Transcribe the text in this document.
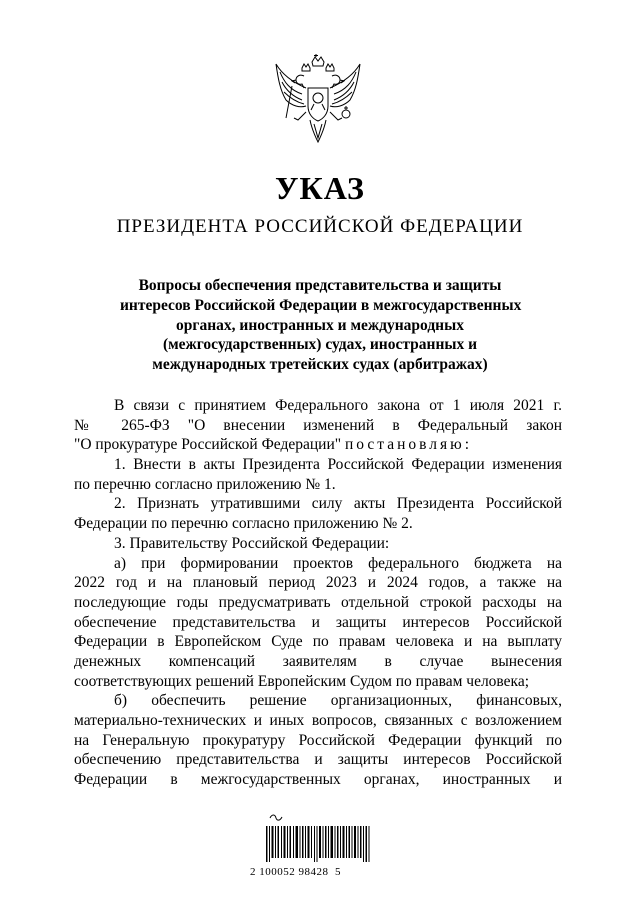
УКАЗ
ПРЕЗИДЕНТА РОССИЙСКОЙ ФЕДЕРАЦИИ
Вопросы обеспечения представительства и защиты
интересов Российской Федерации в межгосударственных
органах, иностранных и международных
(межгосударственных) судах, иностранных и
международных третейских судах (арбитражах)
В связи с принятием Федерального закона от 1 июля 2021 г.
№ 265-ФЗ "О внесении изменений в Федеральный закон
"О прокуратуре Российской Федерации" постановляю:
1. Внести в акты Президента Российской Федерации изменения
по перечню согласно приложению № 1.
2. Признать утратившими силу акты Президента Российской
Федерации по перечню согласно приложению № 2.
3. Правительству Российской Федерации:
а) при формировании проектов федерального бюджета на
2022 год и на плановый период 2023 и 2024 годов, а также на
последующие годы предусматривать отдельной строкой расходы на
обеспечение представительства и защиты интересов Российской
Федерации в Европейском Суде по правам человека и на выплату
денежных компенсаций заявителям в случае вынесения
соответствующих решений Европейским Судом по правам человека;
б) обеспечить решение организационных, финансовых,
материально-технических и иных вопросов, связанных с возложением
на Генеральную прокуратуру Российской Федерации функций по
обеспечению представительства и защиты интересов Российской
Федерации в межгосударственных органах, иностранных и
2 100052 98428  5
